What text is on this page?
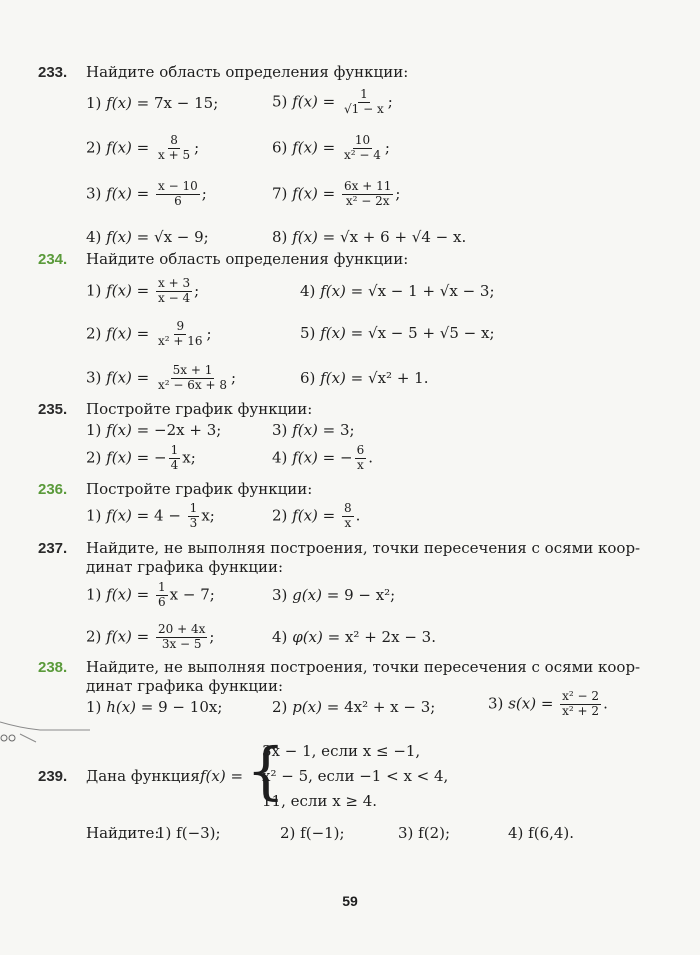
233. Найдите область определения функции:
1) f(x) = 7x − 15;
2) $f(x) = \frac{8}{x + 5}$ ;
3) $f(x) = \frac{x - 10}{6}$ ;
4) f(x) = √x − 9;
5) $f(x) = \frac{1}{√1 - x}$ ;
6) $f(x) = \frac{10}{\text{x² − 4}}$ ;
7) $f(x) = \frac{6x + 11}{\text{x² − 2x}}$ ;
8) f(x) = √x + 6 + √4 − x.
234. Найдите область определения функции:
1) $f(x) = \frac{x + 3}{x - 4}$ ;
2) $f(x) = \frac{9}{\text{x² + 16}}$ ;
3) $f(x) = \frac{5x + 1}{\text{x² − 6x + 8}}$ ;
4) f(x) = √x − 1 + √x − 3;
5) f(x) = √x − 5 + √5 − x;
6) f(x) = √x² + 1.
235. Постройте график функции:
1) f(x) = −2x + 3;
2) f(x) = − $\frac{1}{4} x$;
3) f(x) = 3;
4) f(x) = − $\frac{6}{x}$ .
236. Постройте график функции:
1) $f(x) = 4 - \frac{1}{3} x$;	2) $f(x) = \frac{8}{x}$ .
237. Найдите, не выполняя построения, точки пересечения с осями коор-
динат графика функции:
1) $f(x) = \frac{1}{6}$ x − 7;
2) $f(x) = \frac{20 + 4x}{3x - 5}$ ;
3) g(x) = 9 − x²;
4) φ(x) = x² + 2x − 3.
238. Найдите, не выполняя построения, точки пересечения с осями коор-
динат графика функции:
1) h(x) = 9 − 10x;	2) p(x) = 4x² + x − 3;	3) $s(x) = \frac{\text{x² − 2}}{\text{x² + 2}}$ .
239. Дана функция f(x) = {
3x − 1, если x ≤ −1,
x² − 5, если −1 < x < 4,
11, если x ≥ 4.
Найдите:
1) f(−3);	2) f(−1);	3) f(2);	4) f(6,4).
59
